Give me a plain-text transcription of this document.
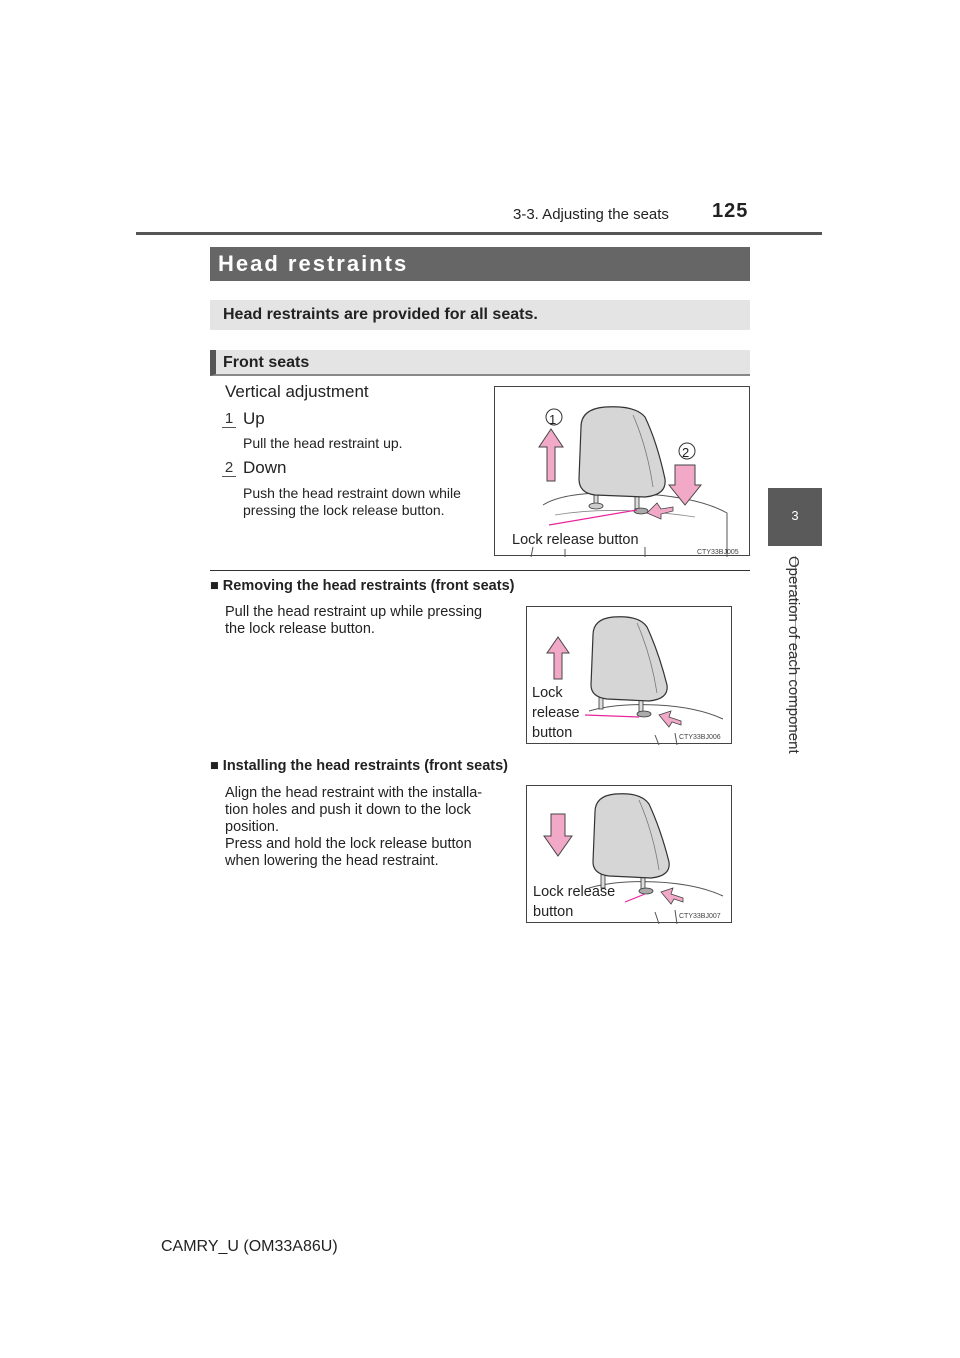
3-3. Adjusting the seats 125
3
Operation of each component
Head restraints
Head restraints are provided for all seats.
Front seats
Vertical adjustment
1 Up
Pull the head restraint up.
2 Down
Push the head restraint down while
pressing the lock release button.
1
2
Lock release button
CTY33BJ005
■ Removing the head restraints (front seats)
Pull the head restraint up while pressing
the lock release button.
Lock
release
button	CTY33BJ006
■ Installing the head restraints (front seats)
Align the head restraint with the installa-
tion holes and push it down to the lock
position.
Press and hold the lock release button
when lowering the head restraint.
Lock release
button	CTY33BJ007
CAMRY_U (OM33A86U)
